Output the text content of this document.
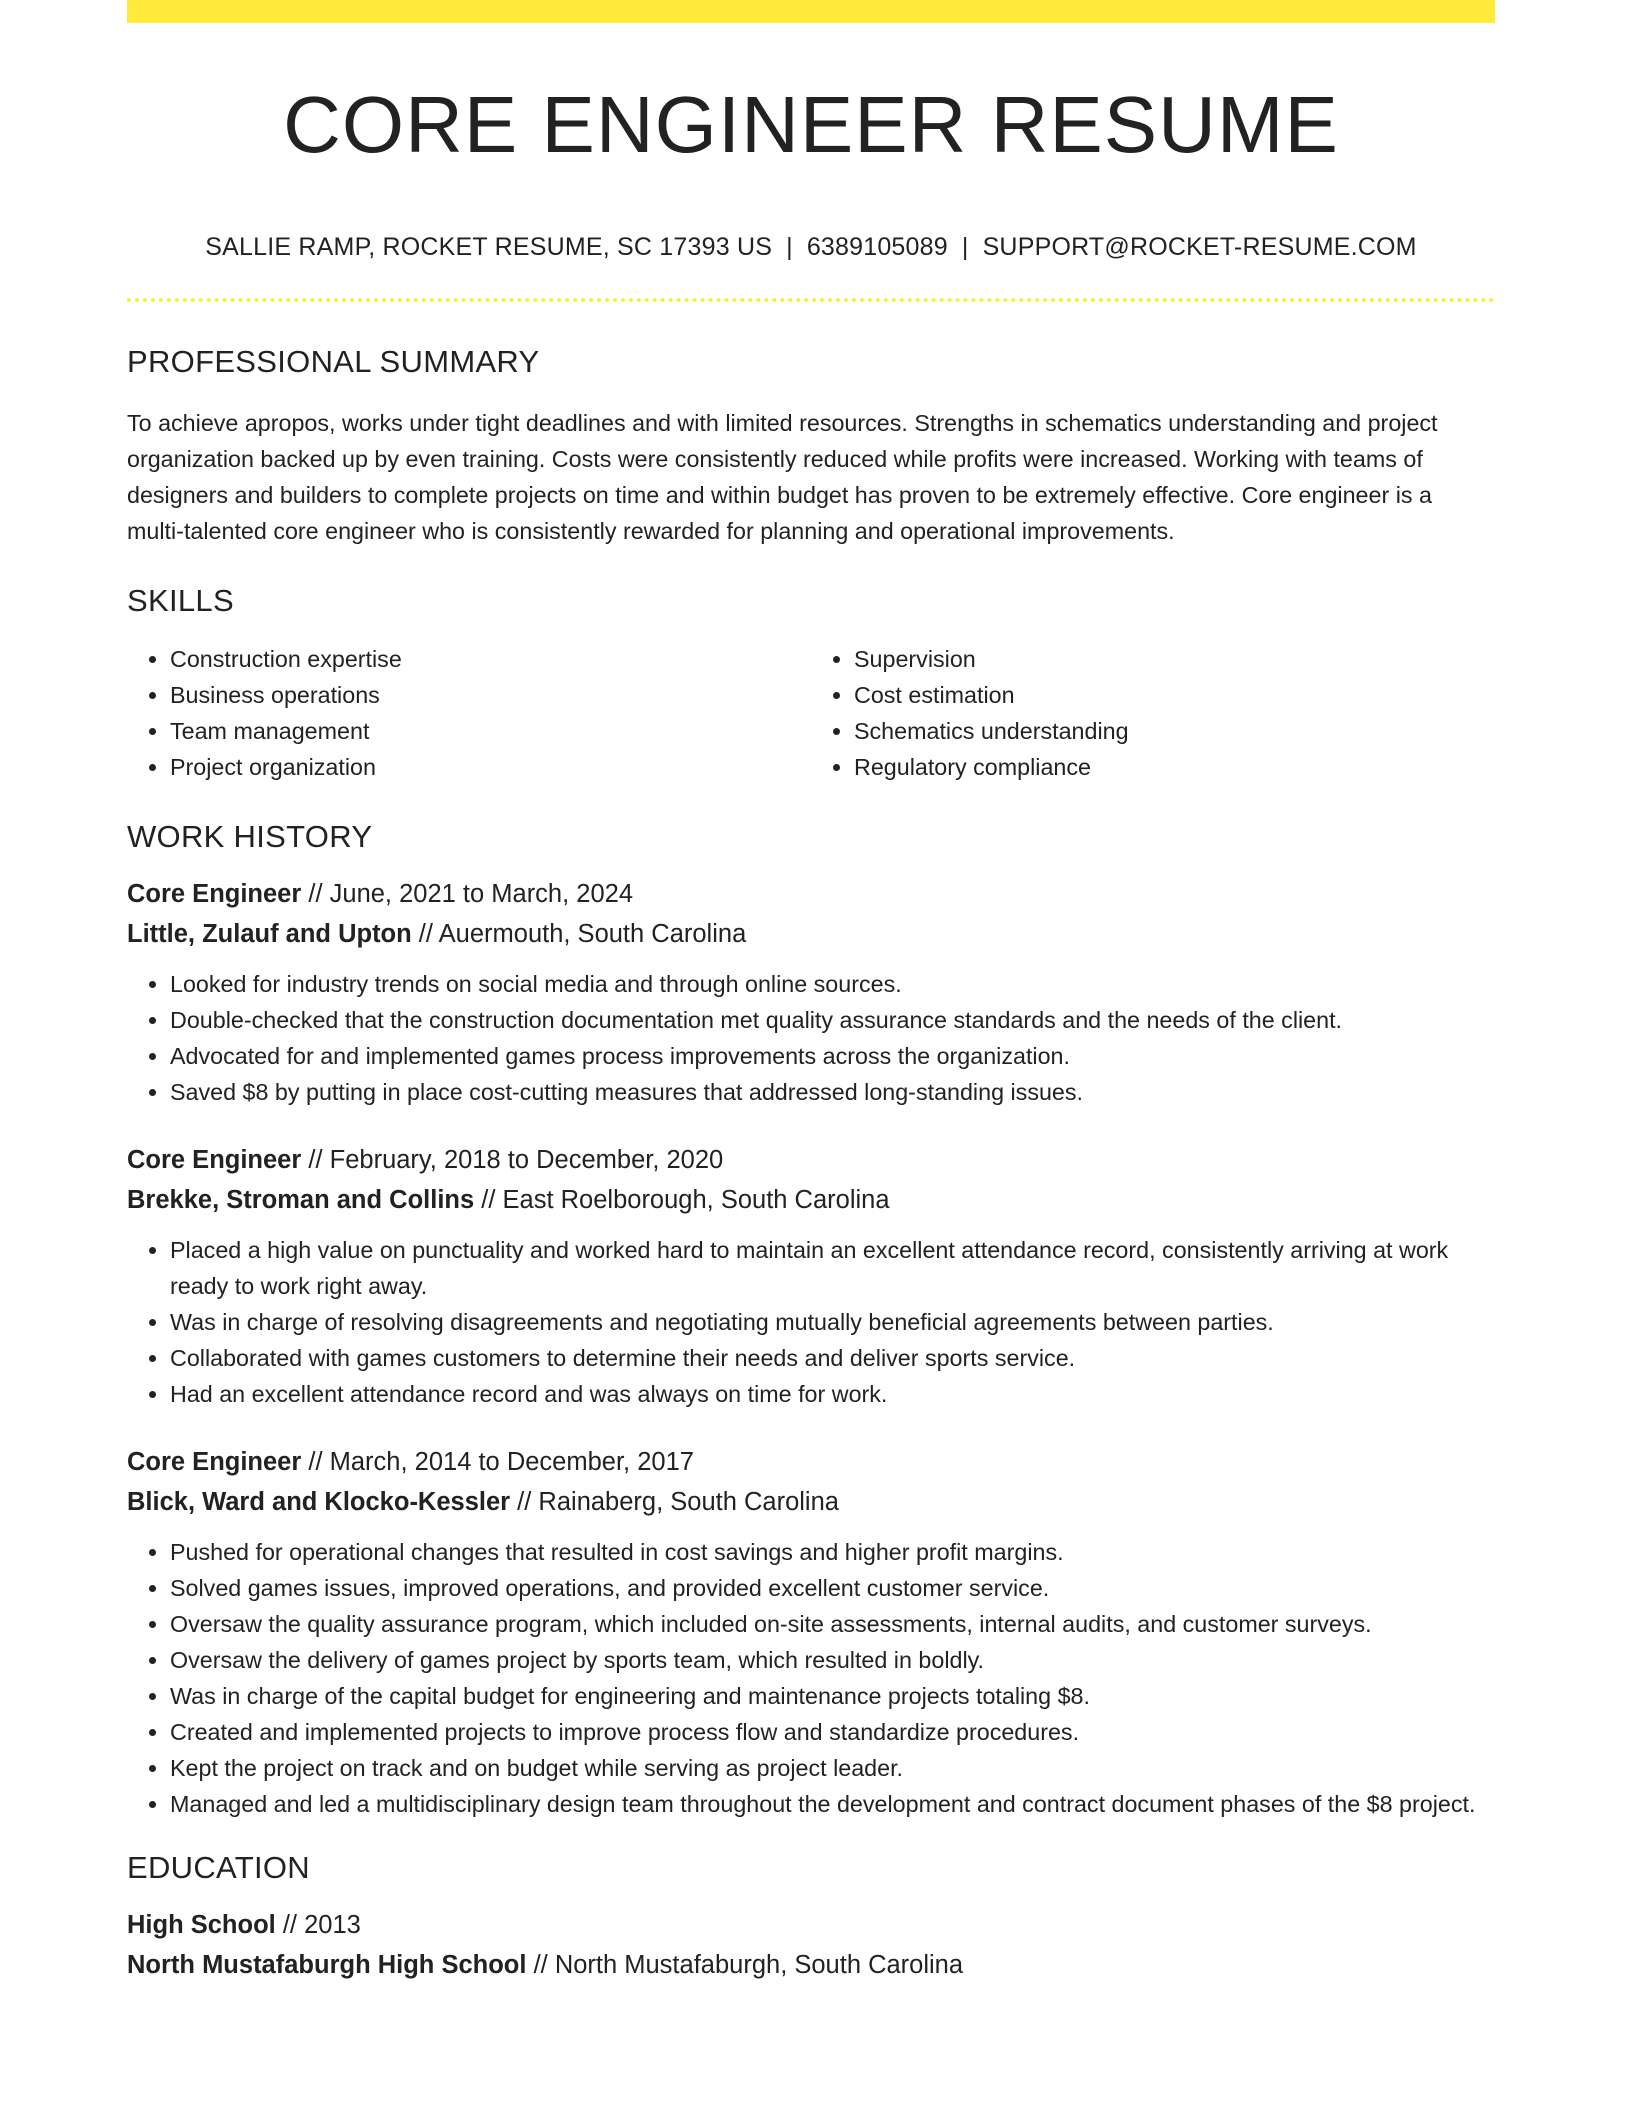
CORE ENGINEER RESUME
SALLIE RAMP, ROCKET RESUME, SC 17393 US | 6389105089 | SUPPORT@ROCKET-RESUME.COM
PROFESSIONAL SUMMARY
To achieve apropos, works under tight deadlines and with limited resources. Strengths in schematics understanding and project organization backed up by even training. Costs were consistently reduced while profits were increased. Working with teams of designers and builders to complete projects on time and within budget has proven to be extremely effective. Core engineer is a multi-talented core engineer who is consistently rewarded for planning and operational improvements.
SKILLS
• Construction expertise
• Business operations
• Team management
• Project organization
• Supervision
• Cost estimation
• Schematics understanding
• Regulatory compliance
WORK HISTORY
Core Engineer // June, 2021 to March, 2024
Little, Zulauf and Upton // Auermouth, South Carolina
• Looked for industry trends on social media and through online sources.
• Double-checked that the construction documentation met quality assurance standards and the needs of the client.
• Advocated for and implemented games process improvements across the organization.
• Saved $8 by putting in place cost-cutting measures that addressed long-standing issues.
Core Engineer // February, 2018 to December, 2020
Brekke, Stroman and Collins // East Roelborough, South Carolina
• Placed a high value on punctuality and worked hard to maintain an excellent attendance record, consistently arriving at work ready to work right away.
• Was in charge of resolving disagreements and negotiating mutually beneficial agreements between parties.
• Collaborated with games customers to determine their needs and deliver sports service.
• Had an excellent attendance record and was always on time for work.
Core Engineer // March, 2014 to December, 2017
Blick, Ward and Klocko-Kessler // Rainaberg, South Carolina
• Pushed for operational changes that resulted in cost savings and higher profit margins.
• Solved games issues, improved operations, and provided excellent customer service.
• Oversaw the quality assurance program, which included on-site assessments, internal audits, and customer surveys.
• Oversaw the delivery of games project by sports team, which resulted in boldly.
• Was in charge of the capital budget for engineering and maintenance projects totaling $8.
• Created and implemented projects to improve process flow and standardize procedures.
• Kept the project on track and on budget while serving as project leader.
• Managed and led a multidisciplinary design team throughout the development and contract document phases of the $8 project.
EDUCATION
High School // 2013
North Mustafaburgh High School // North Mustafaburgh, South Carolina
